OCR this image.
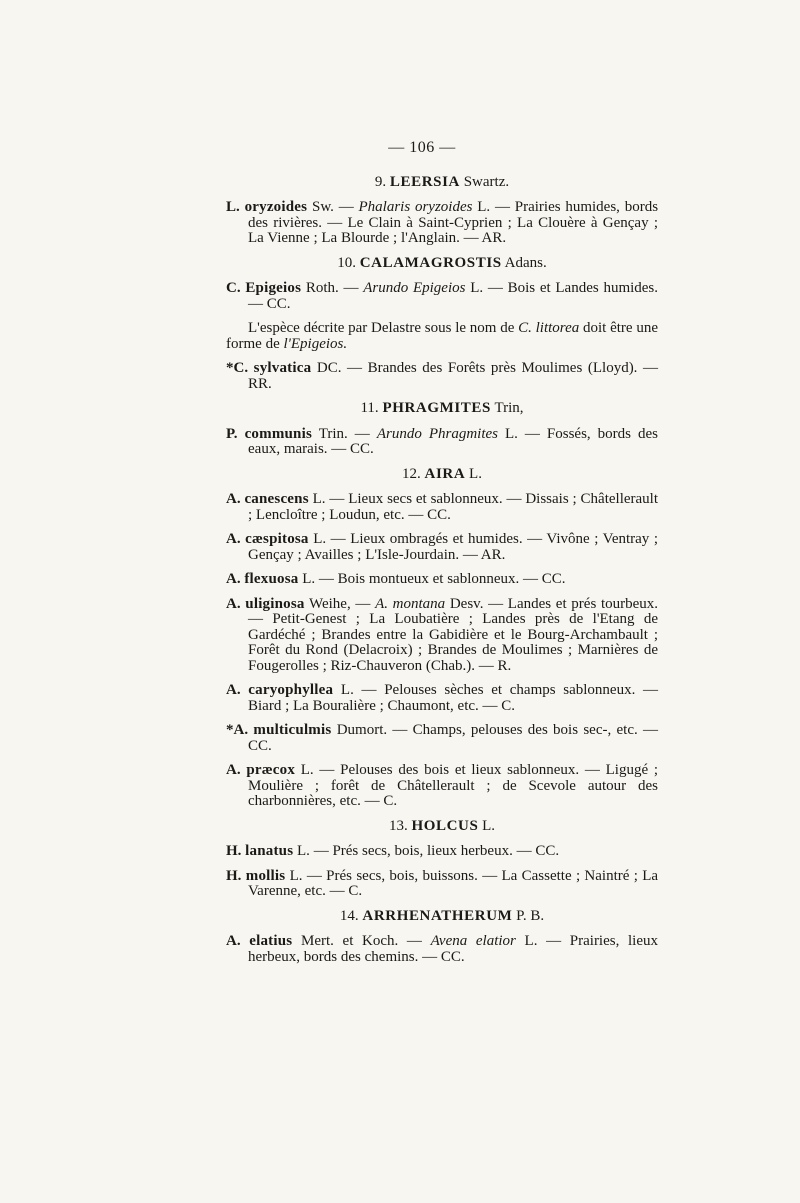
— 106 —
9. LEERSIA Swartz.
L. oryzoides Sw. — Phalaris oryzoides L. — Prairies humides, bords des rivières. — Le Clain à Saint-Cyprien ; La Clouère à Gençay ; La Vienne ; La Blourde ; l'Anglain. — AR.
10. CALAMAGROSTIS Adans.
C. Epigeios Roth. — Arundo Epigeios L. — Bois et Landes humides. — CC.
L'espèce décrite par Delastre sous le nom de C. littorea doit être une forme de l'Epigeios.
*C. sylvatica DC. — Brandes des Forêts près Moulimes (Lloyd). — RR.
11. PHRAGMITES Trin,
P. communis Trin. — Arundo Phragmites L. — Fossés, bords des eaux, marais. — CC.
12. AIRA L.
A. canescens L. — Lieux secs et sablonneux. — Dissais ; Châtellerault ; Lencloître ; Loudun, etc. — CC.
A. cæspitosa L. — Lieux ombragés et humides. — Vivône ; Ventray ; Gençay ; Availles ; L'Isle-Jourdain. — AR.
A. flexuosa L. — Bois montueux et sablonneux. — CC.
A. uliginosa Weihe, — A. montana Desv. — Landes et prés tourbeux. — Petit-Genest ; La Loubatière ; Landes près de l'Etang de Gardéché ; Brandes entre la Gabidière et le Bourg-Archambault ; Forêt du Rond (Delacroix) ; Brandes de Moulimes ; Marnières de Fougerolles ; Riz-Chauveron (Chab.). — R.
A. caryophyllea L. — Pelouses sèches et champs sablonneux. — Biard ; La Bouralière ; Chaumont, etc. — C.
*A. multiculmis Dumort. — Champs, pelouses des bois sec-, etc. — CC.
A. præcox L. — Pelouses des bois et lieux sablonneux. — Ligugé ; Moulière ; forêt de Châtellerault ; de Scevole autour des charbonnières, etc. — C.
13. HOLCUS L.
H. lanatus L. — Prés secs, bois, lieux herbeux. — CC.
H. mollis L. — Prés secs, bois, buissons. — La Cassette ; Naintré ; La Varenne, etc. — C.
14. ARRHENATHERUM P. B.
A. elatius Mert. et Koch. — Avena elatior L. — Prairies, lieux herbeux, bords des chemins. — CC.
